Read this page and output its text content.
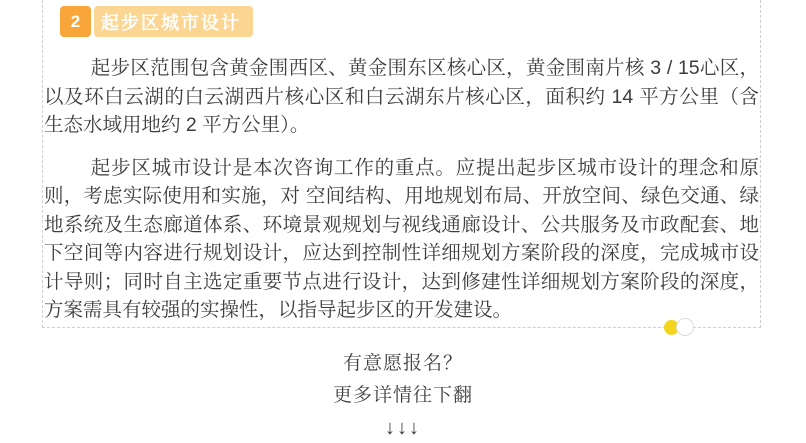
2	起步区城市设计

起步区范围包含黄金围西区、黄金围东区核心区，黄金围南片核 3 / 15心区，以及环白云湖的白云湖西片核心区和白云湖东片核心区，面积约 14 平方公里（含生态水域用地约 2 平方公里）。

起步区城市设计是本次咨询工作的重点。应提出起步区城市设计的理念和原则，考虑实际使用和实施，对 空间结构、用地规划布局、开放空间、绿色交通、绿 地系统及生态廊道体系、环境景观规划与视线通廊设计、公共服务及市政配套、地下空间等内容进行规划设计，应达到控制性详细规划方案阶段的深度，完成城市设计导则；同时自主选定重要节点进行设计，达到修建性详细规划方案阶段的深度，方案需具有较强的实操性，以指导起步区的开发建设。

有意愿报名？
更多详情往下翻
↓↓↓
